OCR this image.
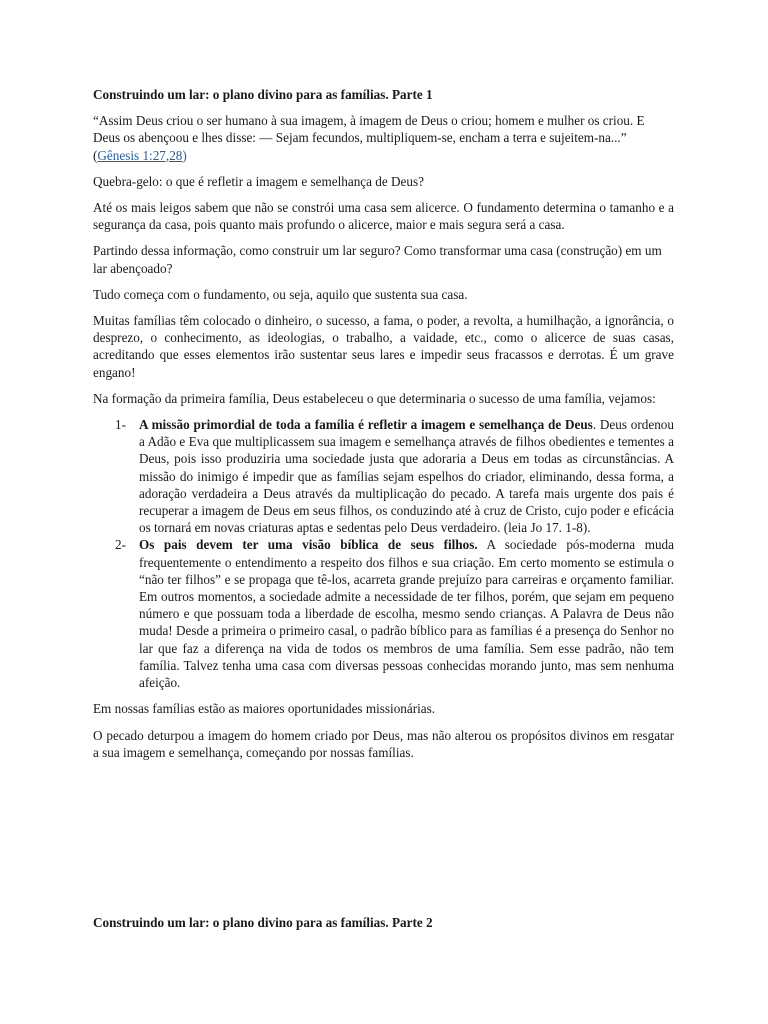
Construindo um lar: o plano divino para as famílias. Parte 1

“Assim Deus criou o ser humano à sua imagem, à imagem de Deus o criou; homem e mulher os criou. E Deus os abençoou e lhes disse: — Sejam fecundos, multipliquem-se, encham a terra e sujeitem-na...” (Gênesis 1:27,28)

Quebra-gelo: o que é refletir a imagem e semelhança de Deus?

Até os mais leigos sabem que não se constrói uma casa sem alicerce. O fundamento determina o tamanho e a segurança da casa, pois quanto mais profundo o alicerce, maior e mais segura será a casa.

Partindo dessa informação, como construir um lar seguro? Como transformar uma casa (construção) em um lar abençoado?

Tudo começa com o fundamento, ou seja, aquilo que sustenta sua casa.

Muitas famílias têm colocado o dinheiro, o sucesso, a fama, o poder, a revolta, a humilhação, a ignorância, o desprezo, o conhecimento, as ideologias, o trabalho, a vaidade, etc., como o alicerce de suas casas, acreditando que esses elementos irão sustentar seus lares e impedir seus fracassos e derrotas. É um grave engano!

Na formação da primeira família, Deus estabeleceu o que determinaria o sucesso de uma família, vejamos:

1- A missão primordial de toda a família é refletir a imagem e semelhança de Deus. Deus ordenou a Adão e Eva que multiplicassem sua imagem e semelhança através de filhos obedientes e tementes a Deus, pois isso produziria uma sociedade justa que adoraria a Deus em todas as circunstâncias. A missão do inimigo é impedir que as famílias sejam espelhos do criador, eliminando, dessa forma, a adoração verdadeira a Deus através da multiplicação do pecado. A tarefa mais urgente dos pais é recuperar a imagem de Deus em seus filhos, os conduzindo até à cruz de Cristo, cujo poder e eficácia os tornará em novas criaturas aptas e sedentas pelo Deus verdadeiro. (leia Jo 17. 1-8).
2- Os pais devem ter uma visão bíblica de seus filhos. A sociedade pós-moderna muda frequentemente o entendimento a respeito dos filhos e sua criação. Em certo momento se estimula o “não ter filhos” e se propaga que tê-los, acarreta grande prejuízo para carreiras e orçamento familiar. Em outros momentos, a sociedade admite a necessidade de ter filhos, porém, que sejam em pequeno número e que possuam toda a liberdade de escolha, mesmo sendo crianças. A Palavra de Deus não muda! Desde a primeira o primeiro casal, o padrão bíblico para as famílias é a presença do Senhor no lar que faz a diferença na vida de todos os membros de uma família. Sem esse padrão, não tem família. Talvez tenha uma casa com diversas pessoas conhecidas morando junto, mas sem nenhuma afeição.

Em nossas famílias estão as maiores oportunidades missionárias.

O pecado deturpou a imagem do homem criado por Deus, mas não alterou os propósitos divinos em resgatar a sua imagem e semelhança, começando por nossas famílias.

Construindo um lar: o plano divino para as famílias. Parte 2
